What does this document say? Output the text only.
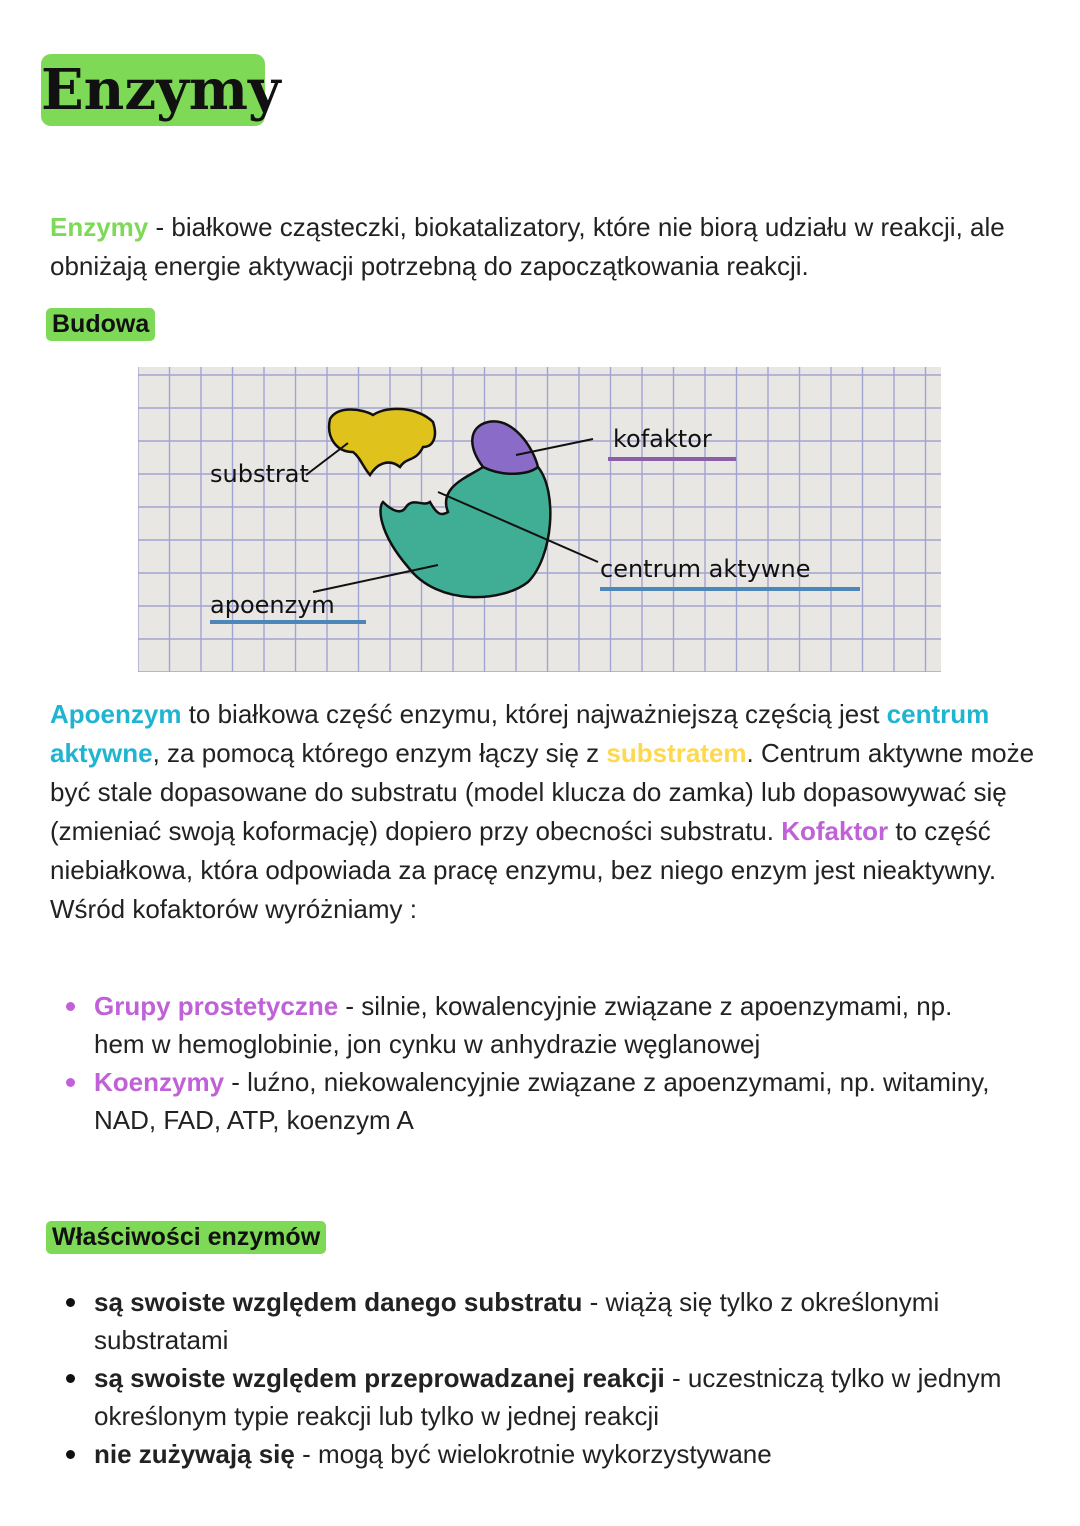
Enzymy
Enzymy - białkowe cząsteczki, biokatalizatory, które nie biorą udziału w reakcji, ale obniżają energie aktywacji potrzebną do zapoczątkowania reakcji.
Budowa
substrat
kofaktor
centrum aktywne
apoenzym
Apoenzym to białkowa część enzymu, której najważniejszą częścią jest centrum aktywne, za pomocą którego enzym łączy się z substratem. Centrum aktywne może być stale dopasowane do substratu (model klucza do zamka) lub dopasowywać się (zmieniać swoją koformację) dopiero przy obecności substratu. Kofaktor to część niebiałkowa, która odpowiada za pracę enzymu, bez niego enzym jest nieaktywny. Wśród kofaktorów wyróżniamy :
Grupy prostetyczne - silnie, kowalencyjnie związane z apoenzymami, np. hem w hemoglobinie, jon cynku w anhydrazie węglanowej
Koenzymy - luźno, niekowalencyjnie związane z apoenzymami, np. witaminy, NAD, FAD, ATP, koenzym A
Właściwości enzymów
są swoiste względem danego substratu - wiążą się tylko z określonymi substratami
są swoiste względem przeprowadzanej reakcji - uczestniczą tylko w jednym określonym typie reakcji lub tylko w jednej reakcji
nie zużywają się - mogą być wielokrotnie wykorzystywane
